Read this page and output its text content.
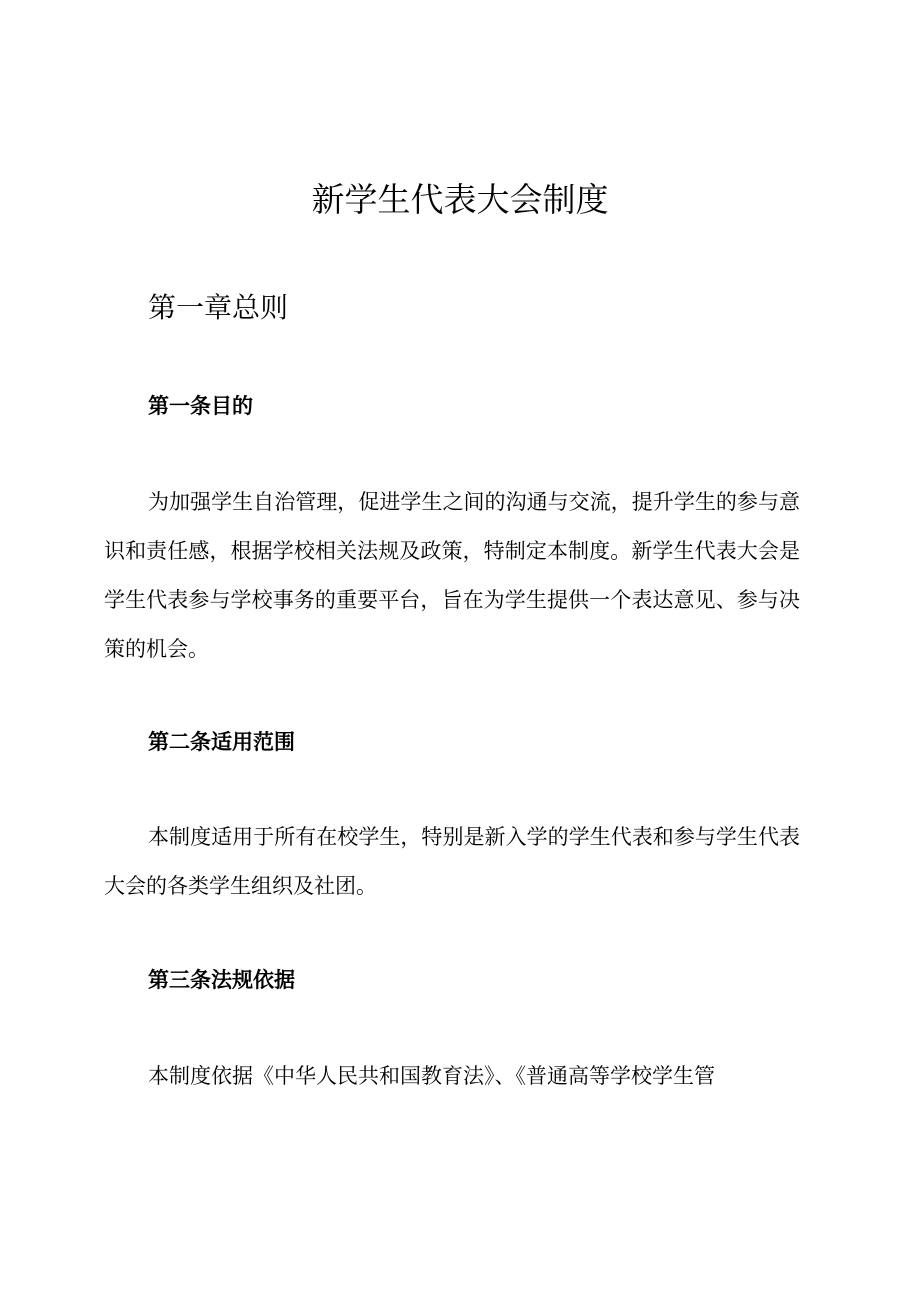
新学生代表大会制度
第一章总则
第一条目的

为加强学生自治管理，促进学生之间的沟通与交流，提升学生的参与意识和责任感，根据学校相关法规及政策，特制定本制度。新学生代表大会是学生代表参与学校事务的重要平台，旨在为学生提供一个表达意见、参与决策的机会。

第二条适用范围

本制度适用于所有在校学生，特别是新入学的学生代表和参与学生代表大会的各类学生组织及社团。

第三条法规依据

本制度依据《中华人民共和国教育法》、《普通高等学校学生管
